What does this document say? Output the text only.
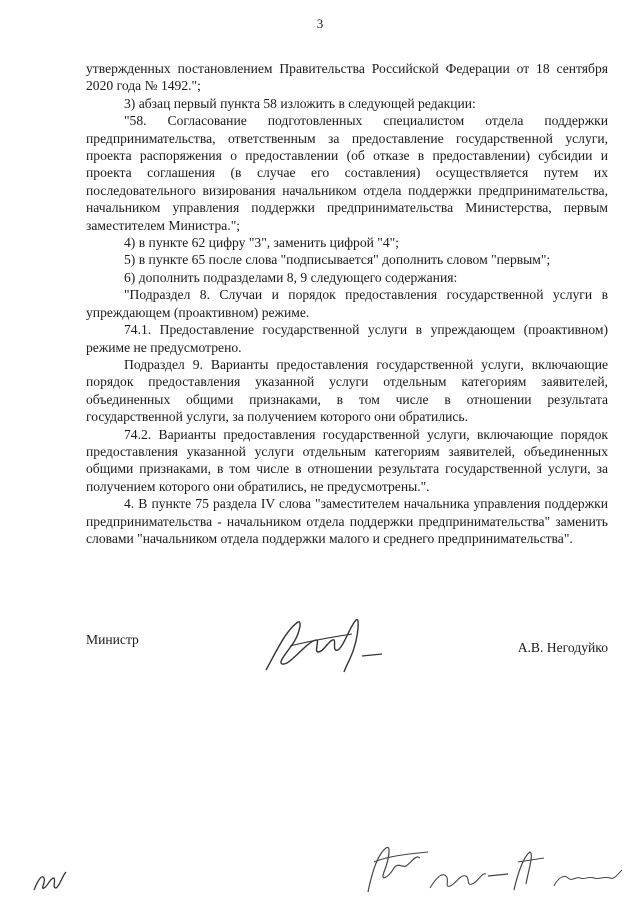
3

утвержденных постановлением Правительства Российской Федерации от 18 сентября 2020 года № 1492.";

3) абзац первый пункта 58 изложить в следующей редакции:

"58. Согласование подготовленных специалистом отдела поддержки предпринимательства, ответственным за предоставление государственной услуги, проекта распоряжения о предоставлении (об отказе в предоставлении) субсидии и проекта соглашения (в случае его составления) осуществляется путем их последовательного визирования начальником отдела поддержки предпринимательства, начальником управления поддержки предпринимательства Министерства, первым заместителем Министра.";

4) в пункте 62 цифру "3", заменить цифрой "4";

5) в пункте 65 после слова "подписывается" дополнить словом "первым";

6) дополнить подразделами 8, 9 следующего содержания:

"Подраздел 8. Случаи и порядок предоставления государственной услуги в упреждающем (проактивном) режиме.

74.1. Предоставление государственной услуги в упреждающем (проактивном) режиме не предусмотрено.

Подраздел 9. Варианты предоставления государственной услуги, включающие порядок предоставления указанной услуги отдельным категориям заявителей, объединенных общими признаками, в том числе в отношении результата государственной услуги, за получением которого они обратились.

74.2. Варианты предоставления государственной услуги, включающие порядок предоставления указанной услуги отдельным категориям заявителей, объединенных общими признаками, в том числе в отношении результата государственной услуги, за получением которого они обратились, не предусмотрены.".

4. В пункте 75 раздела IV слова "заместителем начальника управления поддержки предпринимательства - начальником отдела поддержки предпринимательства" заменить словами "начальником отдела поддержки малого и среднего предпринимательства".

Министр
А.В. Негодуйко
